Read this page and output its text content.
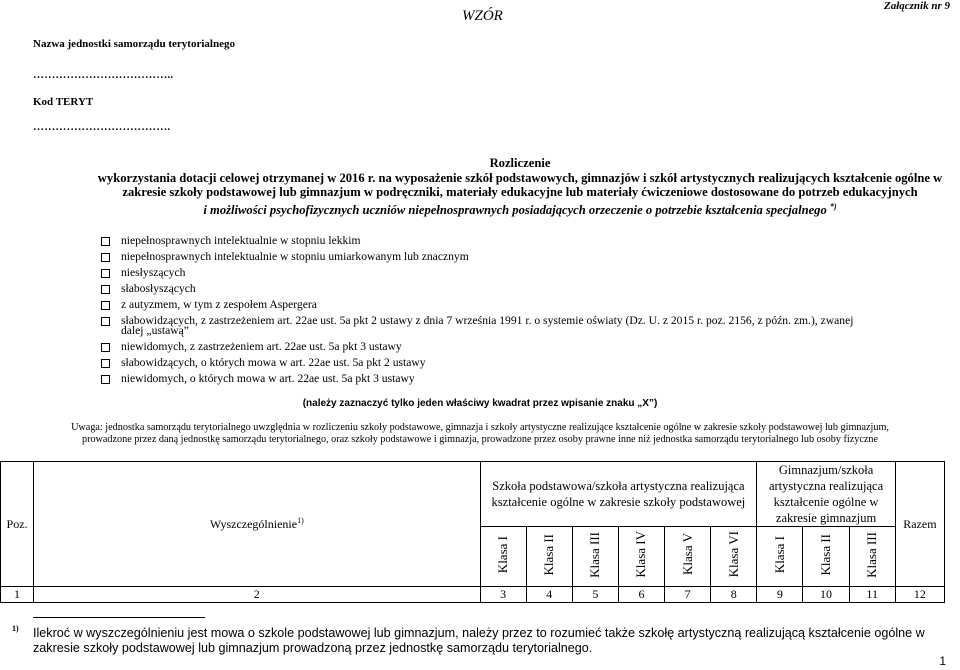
WZÓR
Załącznik nr 9
Nazwa jednostki samorządu terytorialnego
………………………………..
Kod TERYT
……………………………….
Rozliczenie
wykorzystania dotacji celowej otrzymanej w 2016 r. na wyposażenie szkół podstawowych, gimnazjów i szkół artystycznych realizujących kształcenie ogólne w
zakresie szkoły podstawowej lub gimnazjum w podręczniki, materiały edukacyjne lub materiały ćwiczeniowe dostosowane do potrzeb edukacyjnych
i możliwości psychofizycznych uczniów niepełnosprawnych posiadających orzeczenie o potrzebie kształcenia specjalnego *)
niepełnosprawnych intelektualnie w stopniu lekkim
niepełnosprawnych intelektualnie w stopniu umiarkowanym lub znacznym
niesłyszących
słabosłyszących
z autyzmem, w tym z zespołem Aspergera
słabowidzących, z zastrzeżeniem art. 22ae ust. 5a pkt 2 ustawy z dnia 7 września 1991 r. o systemie oświaty (Dz. U. z 2015 r. poz. 2156, z późn. zm.), zwanej
dalej „ustawą”
niewidomych, z zastrzeżeniem art. 22ae ust. 5a pkt 3 ustawy
słabowidzących, o których mowa w art. 22ae ust. 5a pkt 2 ustawy
niewidomych, o których mowa w art. 22ae ust. 5a pkt 3 ustawy
(należy zaznaczyć tylko jeden właściwy kwadrat przez wpisanie znaku „X”)
Uwaga: jednostka samorządu terytorialnego uwzględnia w rozliczeniu szkoły podstawowe, gimnazja i szkoły artystyczne realizujące kształcenie ogólne w zakresie szkoły podstawowej lub gimnazjum,
prowadzone przez daną jednostkę samorządu terytorialnego, oraz szkoły podstawowe i gimnazja, prowadzone przez osoby prawne inne niż jednostka samorządu terytorialnego lub osoby fizyczne
Poz.	Wyszczególnienie$^{1)}$	Szkoła podstawowa/szkoła artystyczna realizująca kształcenie ogólne w zakresie szkoły podstawowej						Gimnazjum/szkoła artystyczna realizująca kształcenie ogólne w zakresie gimnazjum			Razem
		Klasa I	Klasa II	Klasa III	Klasa IV	Klasa V	Klasa VI	Klasa I	Klasa II	Klasa III	
1	2	3	4	5	6	7	8	9	10	11	12
1) Ilekroć w wyszczególnieniu jest mowa o szkole podstawowej lub gimnazjum, należy przez to rozumieć także szkołę artystyczną realizującą kształcenie ogólne w zakresie szkoły podstawowej lub gimnazjum prowadzoną przez jednostkę samorządu terytorialnego.
1
